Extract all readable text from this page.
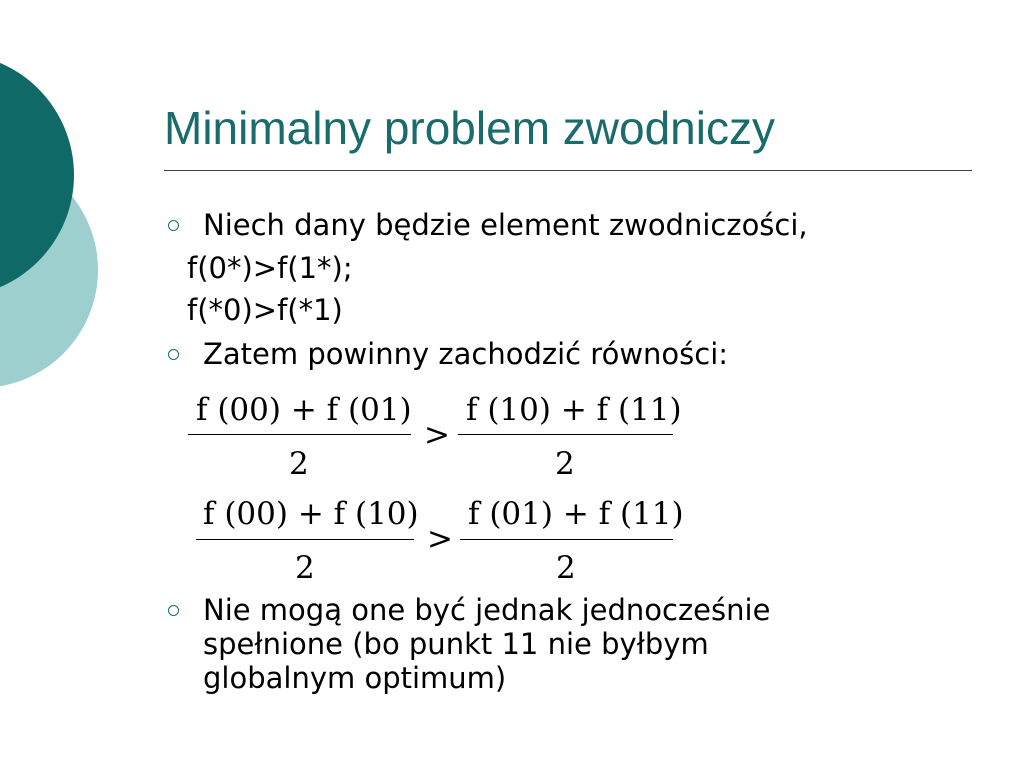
Minimalny problem zwodniczy
Niech dany będzie element zwodniczości,
f(0*)>f(1*);
f(*0)>f(*1)
Zatem powinny zachodzić równości:
f (00) + f (01)
2
>
f (10) + f (11)
2
f (00) + f (10)
2
>
f (01) + f (11)
2
Nie mogą one być jednak jednocześnie
spełnione (bo punkt 11 nie byłbym
globalnym optimum)
